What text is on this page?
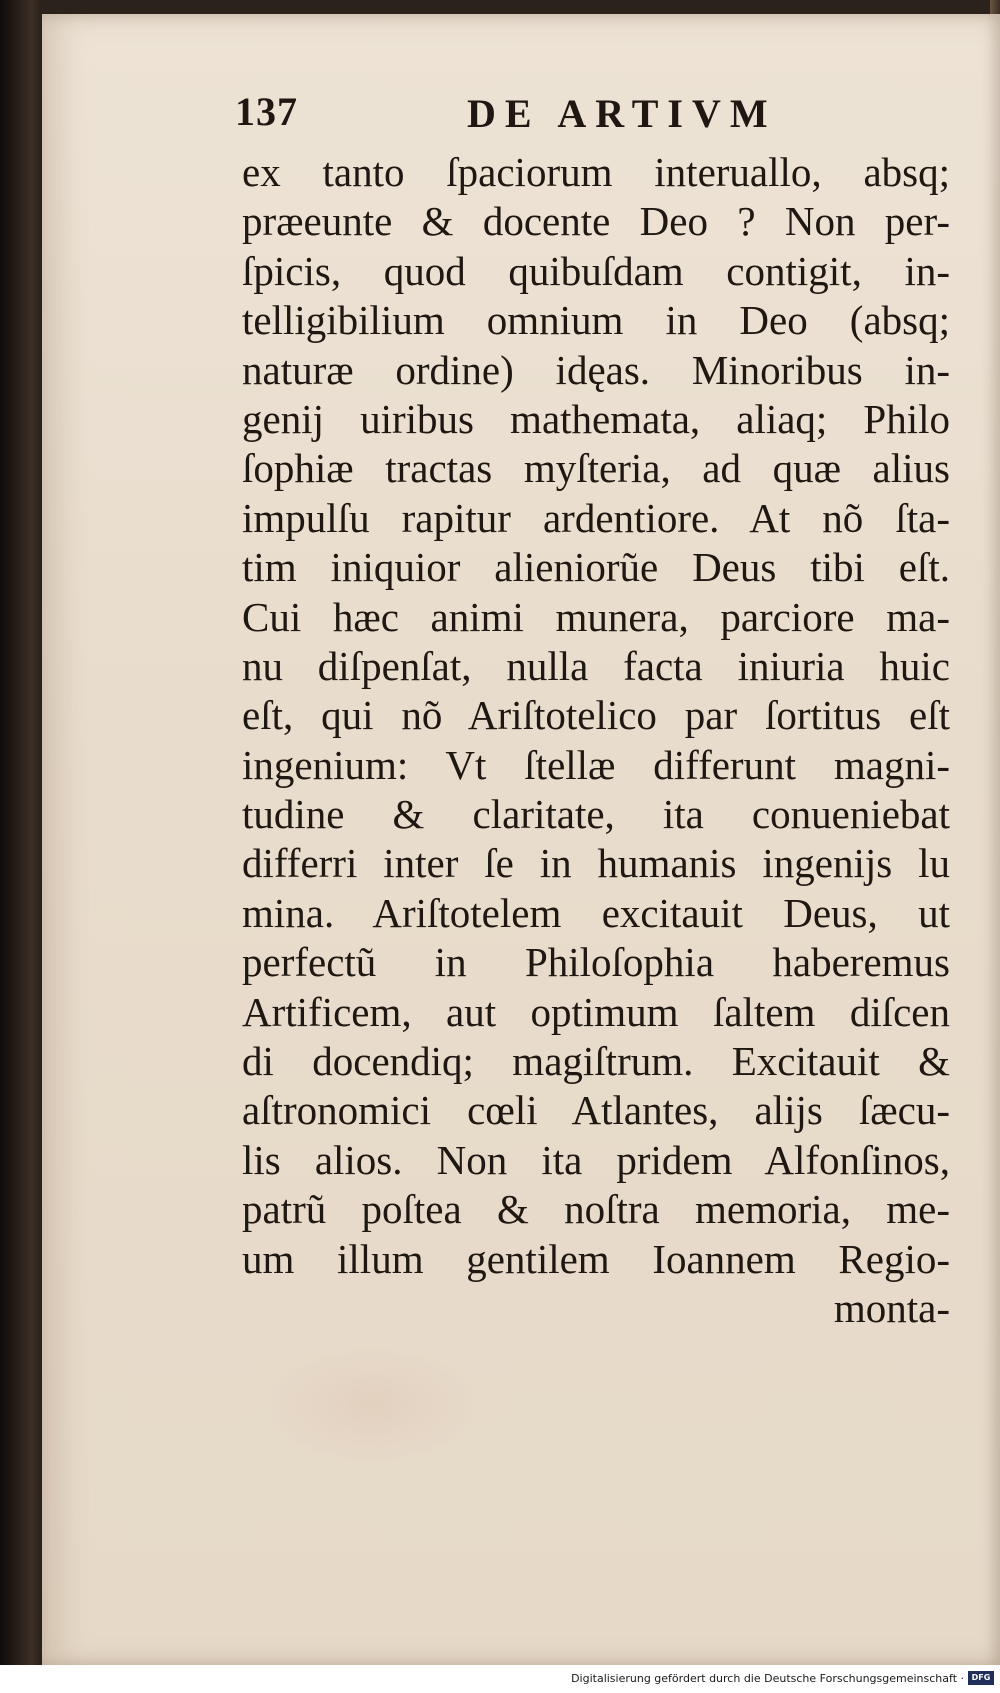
137	DE ARTIVM
ex tanto ſpaciorum interuallo, absq;
præeunte & docente Deo ? Non per-
ſpicis, quod quibuſdam contigit, in-
telligibilium omnium in Deo (absq;
naturæ ordine) idęas. Minoribus in-
genij uiribus mathemata, aliaq; Philo
ſophiæ tractas myſteria, ad quæ alius
impulſu rapitur ardentiore. At nõ ſta-
tim iniquior alieniorũe Deus tibi eſt.
Cui hæc animi munera, parciore ma-
nu diſpenſat, nulla facta iniuria huic
eſt, qui nõ Ariſtotelico par ſortitus eſt
ingenium: Vt ſtellæ differunt magni-
tudine & claritate, ita conueniebat
differri inter ſe in humanis ingenijs lu
mina. Ariſtotelem excitauit Deus, ut
perfectũ in Philoſophia haberemus
Artificem, aut optimum ſaltem diſcen
di docendiq; magiſtrum. Excitauit &
aſtronomici cœli Atlantes, alijs ſæcu-
lis alios. Non ita pridem Alfonſinos,
patrũ poſtea & noſtra memoria, me-
um illum gentilem Ioannem Regio-
monta-
Digitalisierung gefördert durch die Deutsche Forschungsgemeinschaft · DFG
